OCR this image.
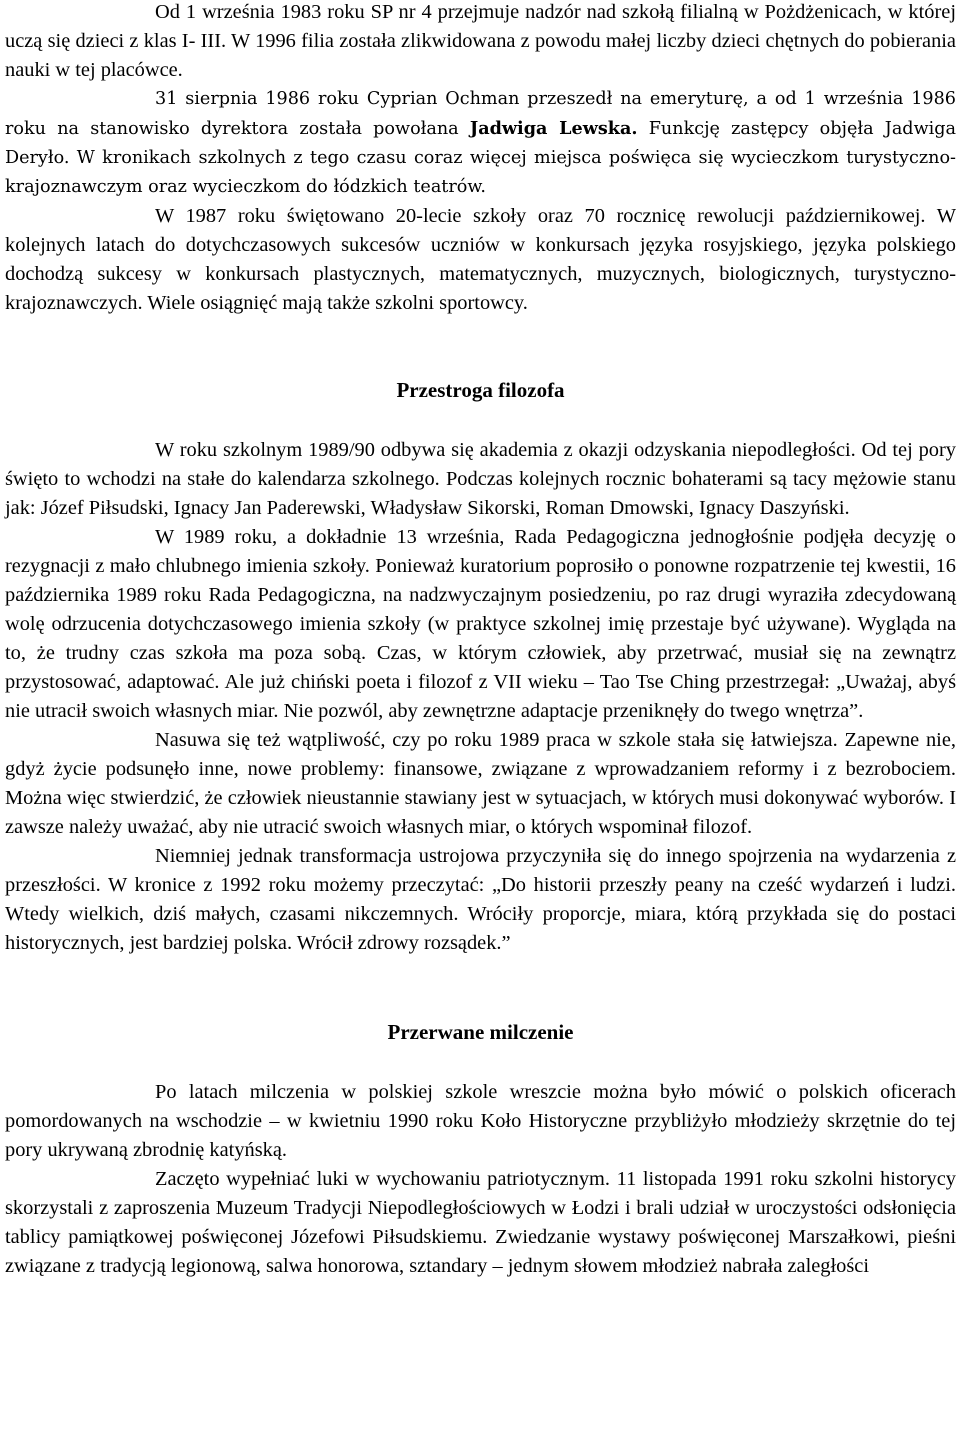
Od 1 września 1983 roku SP nr 4 przejmuje nadzór nad szkołą filialną w Pożdżenicach, w której uczą się dzieci z klas I- III. W 1996 filia została zlikwidowana z powodu małej liczby dzieci chętnych do pobierania nauki w tej placówce.

31 sierpnia 1986 roku Cyprian Ochman przeszedł na emeryturę, a od 1 września 1986 roku na stanowisko dyrektora została powołana Jadwiga Lewska. Funkcję zastępcy objęła Jadwiga Deryło. W kronikach szkolnych z tego czasu coraz więcej miejsca poświęca się wycieczkom turystyczno- krajoznawczym oraz wycieczkom do łódzkich teatrów.

W 1987 roku świętowano 20-lecie szkoły oraz 70 rocznicę rewolucji październikowej. W kolejnych latach do dotychczasowych sukcesów uczniów w konkursach języka rosyjskiego, języka polskiego dochodzą sukcesy w konkursach plastycznych, matematycznych, muzycznych, biologicznych, turystyczno-krajoznawczych. Wiele osiągnięć mają także szkolni sportowcy.

Przestroga filozofa

W roku szkolnym 1989/90 odbywa się akademia z okazji odzyskania niepodległości. Od tej pory święto to wchodzi na stałe do kalendarza szkolnego. Podczas kolejnych rocznic bohaterami są tacy mężowie stanu jak: Józef Piłsudski, Ignacy Jan Paderewski, Władysław Sikorski, Roman Dmowski, Ignacy Daszyński.

W 1989 roku, a dokładnie 13 września, Rada Pedagogiczna jednogłośnie podjęła decyzję o rezygnacji z mało chlubnego imienia szkoły. Ponieważ kuratorium poprosiło o ponowne rozpatrzenie tej kwestii, 16 października 1989 roku Rada Pedagogiczna, na nadzwyczajnym posiedzeniu, po raz drugi wyraziła zdecydowaną wolę odrzucenia dotychczasowego imienia szkoły (w praktyce szkolnej imię przestaje być używane). Wygląda na to, że trudny czas szkoła ma poza sobą. Czas, w którym człowiek, aby przetrwać, musiał się na zewnątrz przystosować, adaptować. Ale już chiński poeta i filozof z VII wieku – Tao Tse Ching przestrzegał: „Uważaj, abyś nie utracił swoich własnych miar. Nie pozwól, aby zewnętrzne adaptacje przeniknęły do twego wnętrza”.

Nasuwa się też wątpliwość, czy po roku 1989 praca w szkole stała się łatwiejsza. Zapewne nie, gdyż życie podsunęło inne, nowe problemy: finansowe, związane z wprowadzaniem reformy i z bezrobociem. Można więc stwierdzić, że człowiek nieustannie stawiany jest w sytuacjach, w których musi dokonywać wyborów. I zawsze należy uważać, aby nie utracić swoich własnych miar, o których wspominał filozof.

Niemniej jednak transformacja ustrojowa przyczyniła się do innego spojrzenia na wydarzenia z przeszłości. W kronice z 1992 roku możemy przeczytać: „Do historii przeszły peany na cześć wydarzeń i ludzi. Wtedy wielkich, dziś małych, czasami nikczemnych. Wróciły proporcje, miara, którą przykłada się do postaci historycznych, jest bardziej polska. Wrócił zdrowy rozsądek.”

Przerwane milczenie

Po latach milczenia w polskiej szkole wreszcie można było mówić o polskich oficerach pomordowanych na wschodzie – w kwietniu 1990 roku Koło Historyczne przybliżyło młodzieży skrzętnie do tej pory ukrywaną zbrodnię katyńską.

Zaczęto wypełniać luki w wychowaniu patriotycznym. 11 listopada 1991 roku szkolni historycy skorzystali z zaproszenia Muzeum Tradycji Niepodległościowych w Łodzi i brali udział w uroczystości odsłonięcia tablicy pamiątkowej poświęconej Józefowi Piłsudskiemu. Zwiedzanie wystawy poświęconej Marszałkowi, pieśni związane z tradycją legionową, salwa honorowa, sztandary – jednym słowem młodzież nabrała zaległości
